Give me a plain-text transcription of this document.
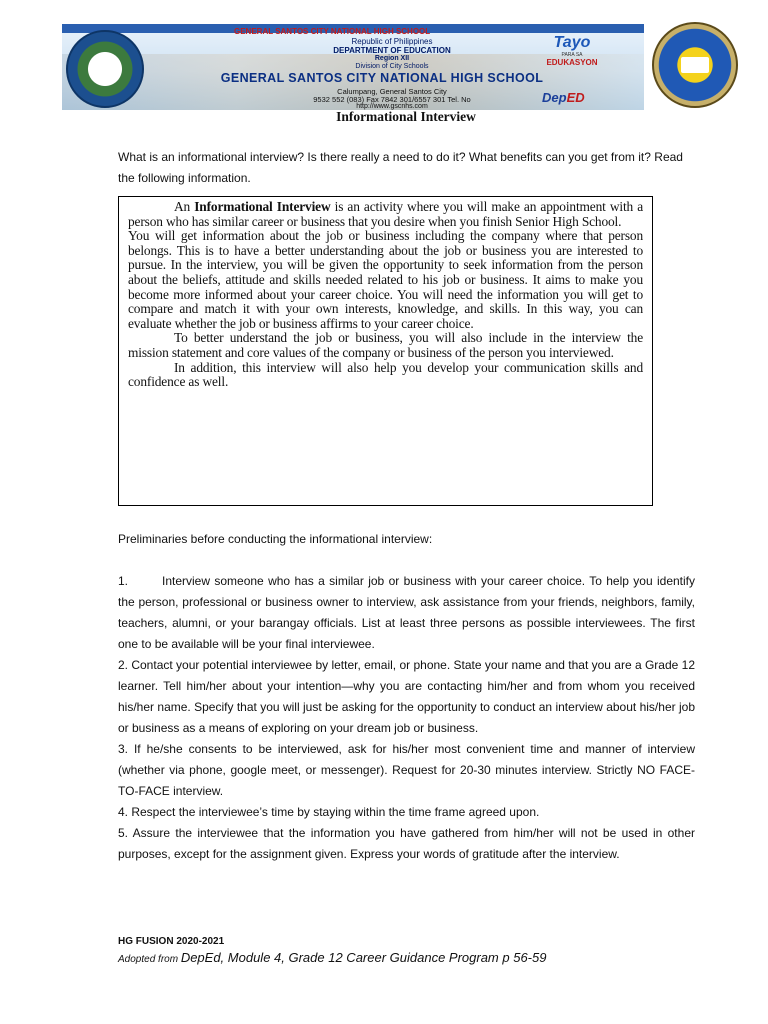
GENERAL SANTOS CITY NATIONAL HIGH SCHOOL
Republic of Philippines
DEPARTMENT OF EDUCATION
Region XII
Division of City Schools
GENERAL SANTOS CITY NATIONAL HIGH SCHOOL
Calumpang, General Santos City
9532 552 (083) Fax 7842 301/6557 301 Tel. No
http://www.gscnhs.com
Tayo
PARA SA
EDUKASYON
DepED
Informational Interview
What is an informational interview? Is there really a need to do it? What benefits can you get from it? Read the following information.

An Informational Interview is an activity where you will make an appointment with a person who has similar career or business that you desire when you finish Senior High School.

You will get information about the job or business including the company where that person belongs. This is to have a better understanding about the job or business you are interested to pursue. In the interview, you will be given the opportunity to seek information from the person about the beliefs, attitude and skills needed related to his job or business. It aims to make you become more informed about your career choice. You will need the information you will get to compare and match it with your own interests, knowledge, and skills. In this way, you can evaluate whether the job or business affirms to your career choice.

To better understand the job or business, you will also include in the interview the mission statement and core values of the company or business of the person you interviewed.

In addition, this interview will also help you develop your communication skills and confidence as well.

Preliminaries before conducting the informational interview:

1.	Interview someone who has a similar job or business with your career choice. To help you identify the person, professional or business owner to interview, ask assistance from your friends, neighbors, family, teachers, alumni, or your barangay officials. List at least three persons as possible interviewees. The first one to be available will be your final interviewee.

2. Contact your potential interviewee by letter, email, or phone. State your name and that you are a Grade 12 learner. Tell him/her about your intention—why you are contacting him/her and from whom you received his/her name. Specify that you will just be asking for the opportunity to conduct an interview about his/her job or business as a means of exploring on your dream job or business.

3. If he/she consents to be interviewed, ask for his/her most convenient time and manner of interview (whether via phone, google meet, or messenger). Request for 20-30 minutes interview. Strictly NO FACE-TO-FACE interview.

4. Respect the interviewee’s time by staying within the time frame agreed upon.

5. Assure the interviewee that the information you have gathered from him/her will not be used in other purposes, except for the assignment given. Express your words of gratitude after the interview.

HG FUSION 2020-2021
Adopted from DepEd, Module 4, Grade 12 Career Guidance Program p 56-59
